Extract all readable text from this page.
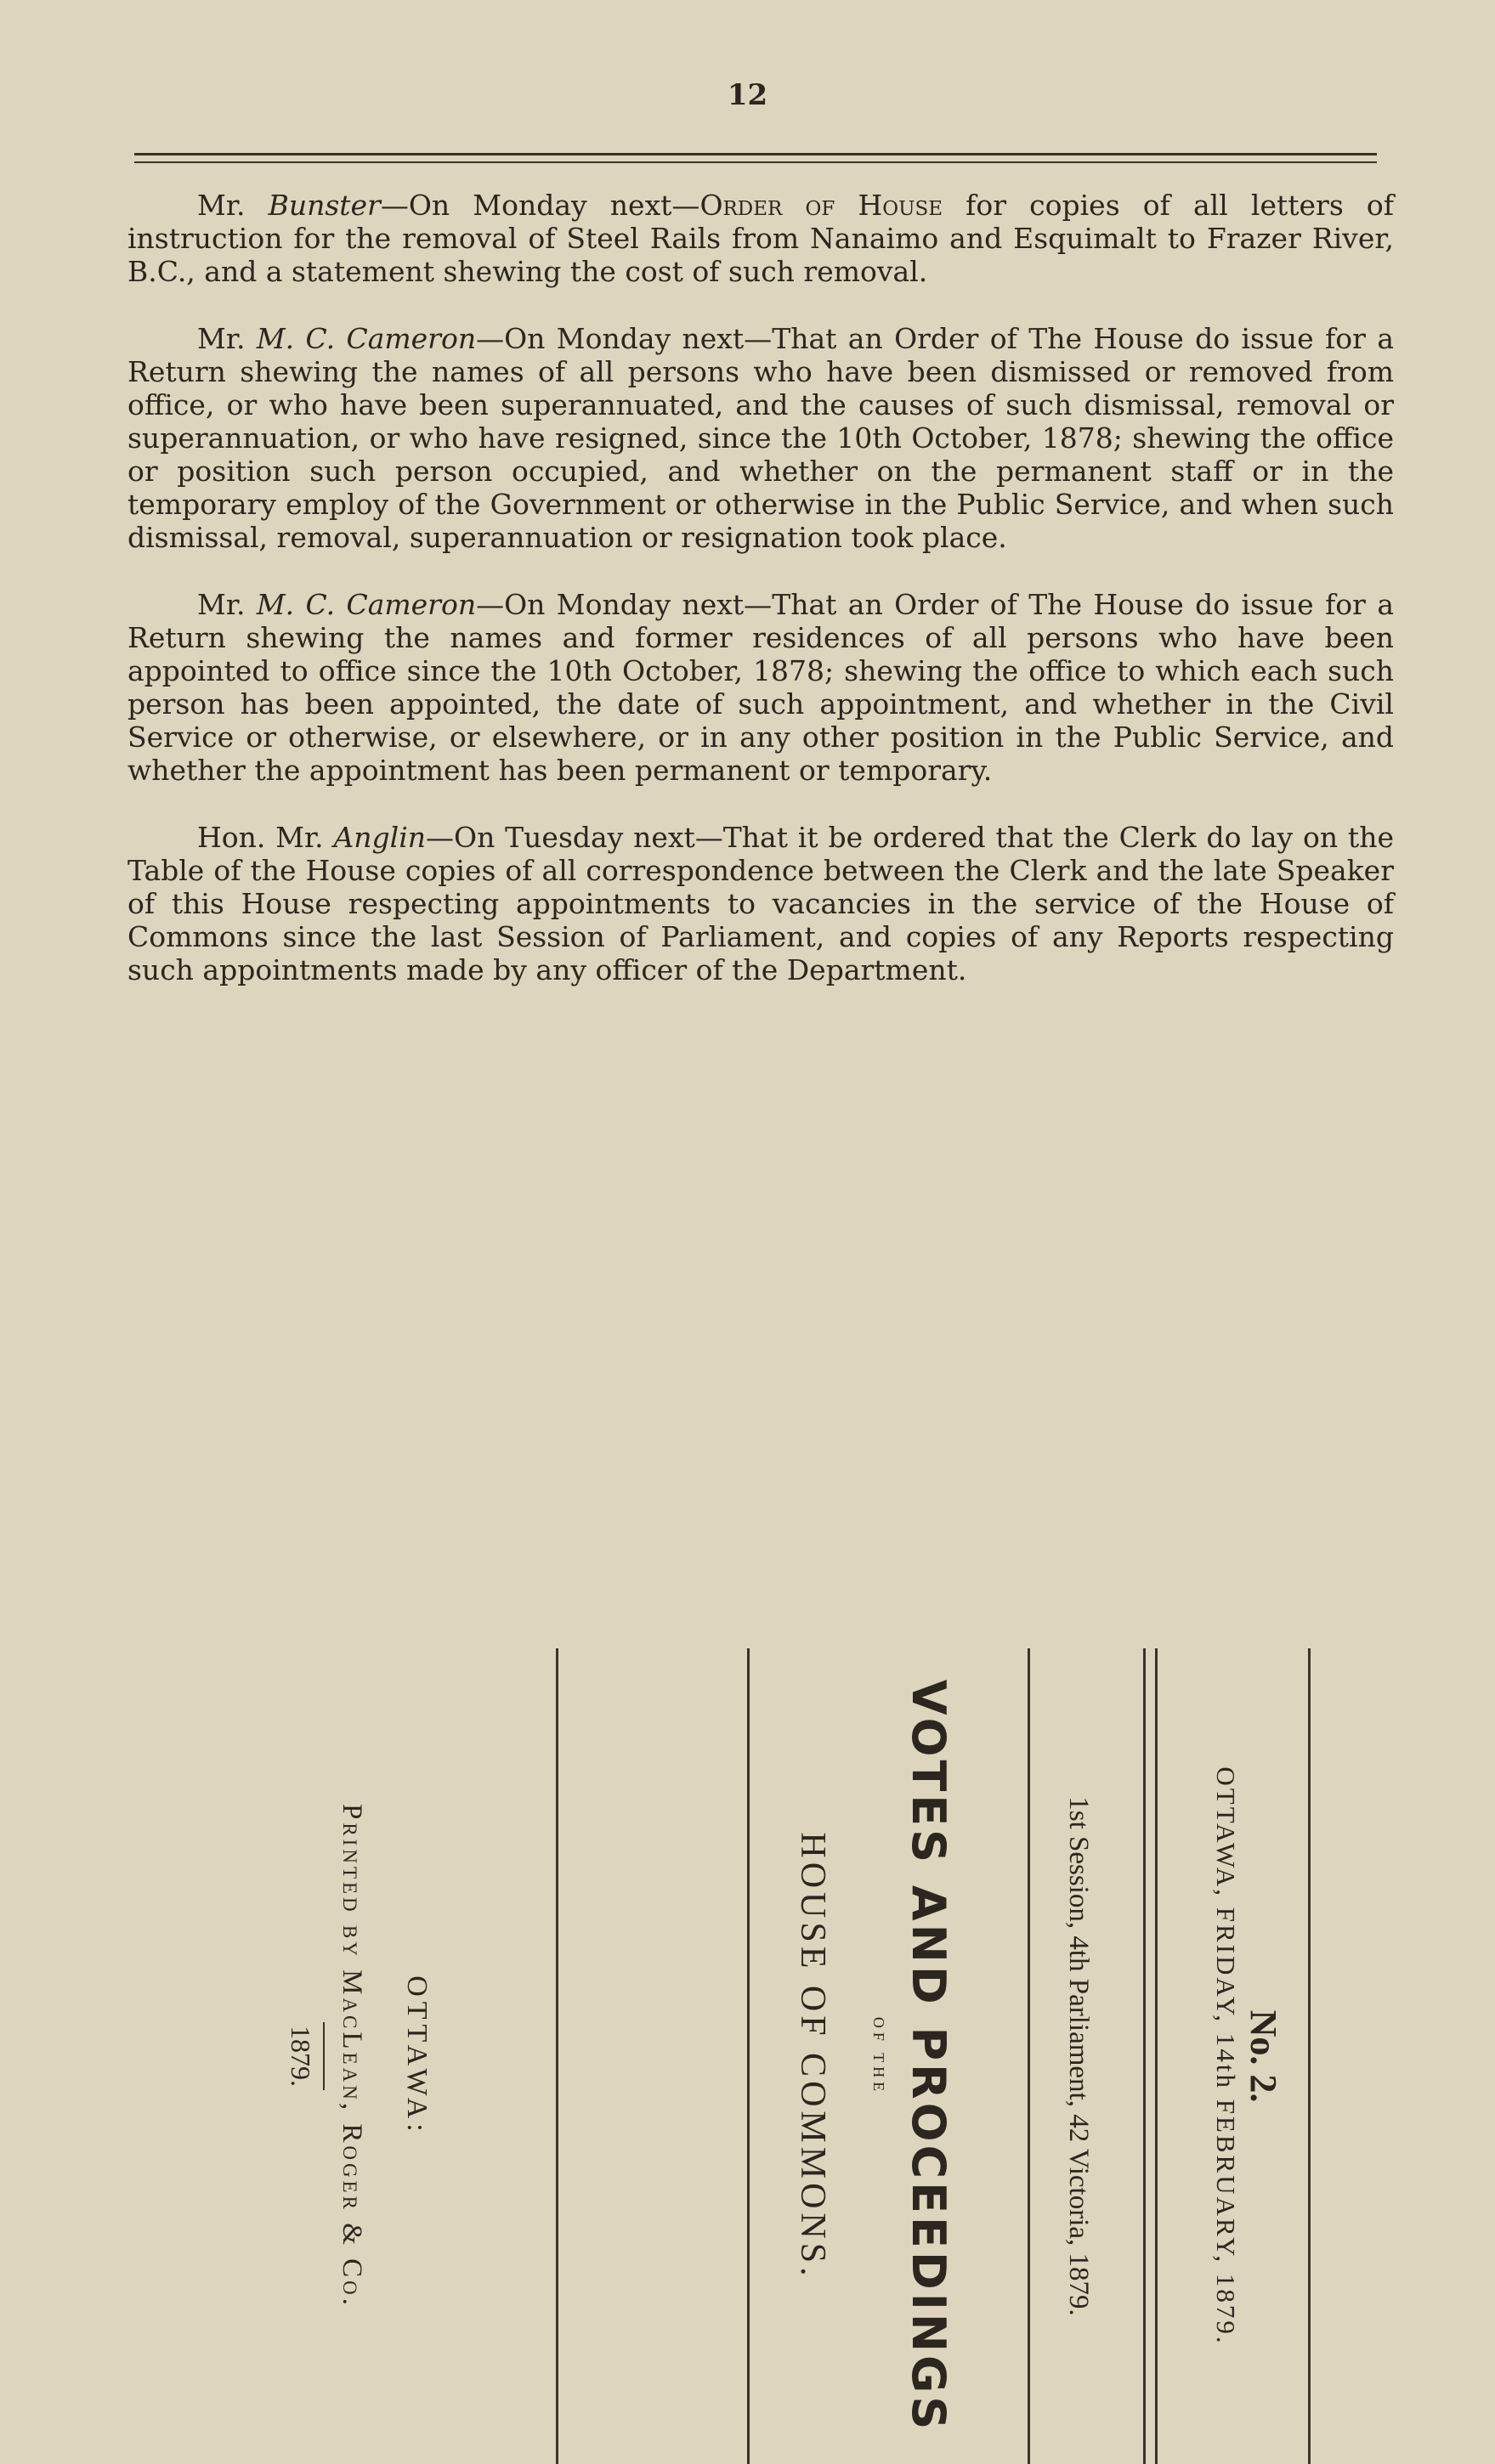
12

Mr. Bunster—On Monday next—Order of House for copies of all letters of instruction for the removal of Steel Rails from Nanaimo and Esquimalt to Frazer River, B.C., and a statement shewing the cost of such removal.

Mr. M. C. Cameron—On Monday next—That an Order of The House do issue for a Return shewing the names of all persons who have been dismissed or removed from office, or who have been superannuated, and the causes of such dismissal, removal or superannuation, or who have resigned, since the 10th October, 1878; shewing the office or position such person occupied, and whether on the permanent staff or in the temporary employ of the Government or otherwise in the Public Service, and when such dismissal, removal, superannuation or resignation took place.

Mr. M. C. Cameron—On Monday next—That an Order of The House do issue for a Return shewing the names and former residences of all persons who have been appointed to office since the 10th October, 1878; shewing the office to which each such person has been appointed, the date of such appointment, and whether in the Civil Service or otherwise, or elsewhere, or in any other position in the Public Service, and whether the appointment has been permanent or temporary.

Hon. Mr. Anglin—On Tuesday next—That it be ordered that the Clerk do lay on the Table of the House copies of all correspondence between the Clerk and the late Speaker of this House respecting appointments to vacancies in the service of the House of Commons since the last Session of Parliament, and copies of any Reports respecting such appointments made by any officer of the Department.

No. 2.
OTTAWA, FRIDAY, 14th FEBRUARY, 1879.
1st Session, 4th Parliament, 42 Victoria, 1879.
VOTES AND PROCEEDINGS
OF THE
HOUSE OF COMMONS.
OTTAWA:
Printed by MacLean, Roger & Co.
1879.
